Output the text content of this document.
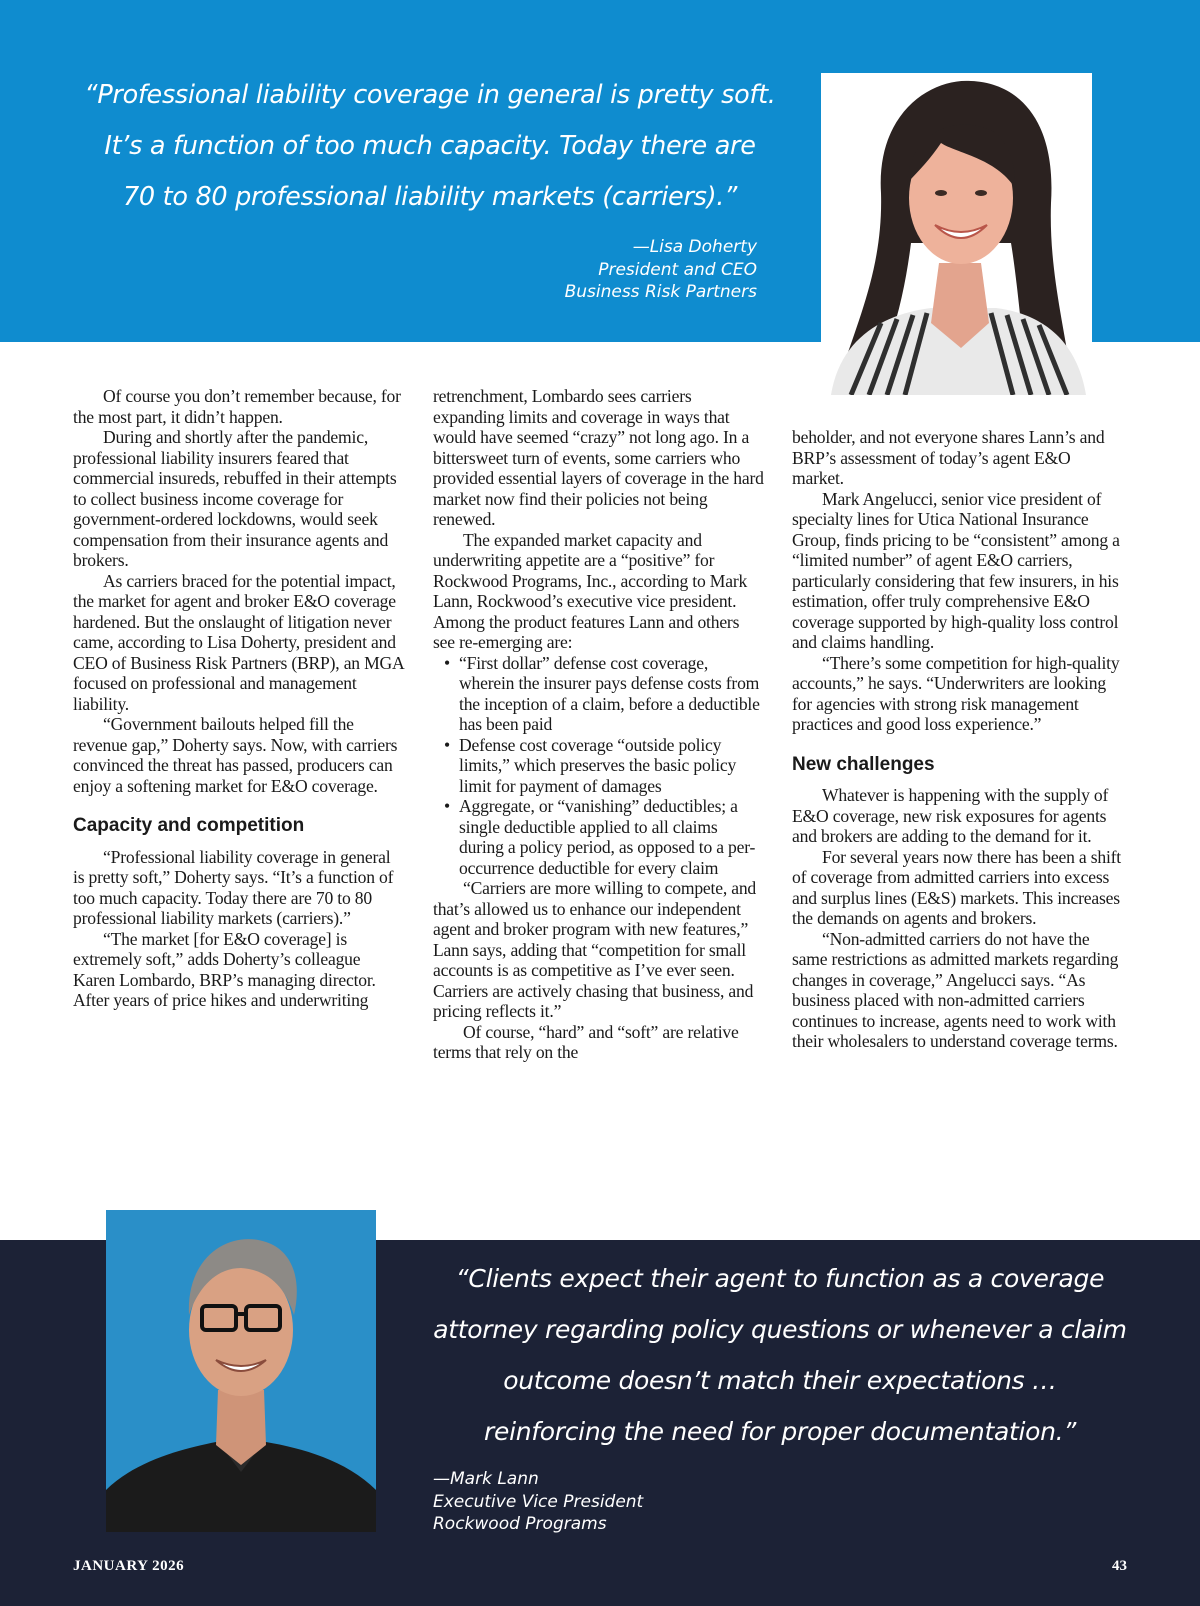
“Professional liability coverage in general is pretty soft.
It’s a function of too much capacity. Today there are
70 to 80 professional liability markets (carriers).”
—Lisa Doherty
President and CEO
Business Risk Partners

Of course you don’t remember because, for the most part, it didn’t happen.

During and shortly after the pandemic, professional liability insurers feared that commercial insureds, rebuffed in their attempts to collect business income coverage for government-ordered lockdowns, would seek compensation from their insurance agents and brokers.

As carriers braced for the potential impact, the market for agent and broker E&O coverage hardened. But the onslaught of litigation never came, according to Lisa Doherty, president and CEO of Business Risk Partners (BRP), an MGA focused on professional and management liability.

“Government bailouts helped fill the revenue gap,” Doherty says. Now, with carriers convinced the threat has passed, producers can enjoy a softening market for E&O coverage.

Capacity and competition

“Professional liability coverage in general is pretty soft,” Doherty says. “It’s a function of too much capacity. Today there are 70 to 80 professional liability markets (carriers).”

“The market [for E&O coverage] is extremely soft,” adds Doherty’s colleague Karen Lombardo, BRP’s managing director. After years of price hikes and underwriting

retrenchment, Lombardo sees carriers expanding limits and coverage in ways that would have seemed “crazy” not long ago. In a bittersweet turn of events, some carriers who provided essential layers of coverage in the hard market now find their policies not being renewed.

The expanded market capacity and underwriting appetite are a “positive” for Rockwood Programs, Inc., according to Mark Lann, Rockwood’s executive vice president. Among the product features Lann and others see re-emerging are:

• “First dollar” defense cost coverage, wherein the insurer pays defense costs from the inception of a claim, before a deductible has been paid
• Defense cost coverage “outside policy limits,” which preserves the basic policy limit for payment of damages
• Aggregate, or “vanishing” deductibles; a single deductible applied to all claims during a policy period, as opposed to a per-occurrence deductible for every claim

“Carriers are more willing to compete, and that’s allowed us to enhance our independent agent and broker program with new features,” Lann says, adding that “competition for small accounts is as competitive as I’ve ever seen. Carriers are actively chasing that business, and pricing reflects it.”

Of course, “hard” and “soft” are relative terms that rely on the

beholder, and not everyone shares Lann’s and BRP’s assessment of today’s agent E&O market.

Mark Angelucci, senior vice president of specialty lines for Utica National Insurance Group, finds pricing to be “consistent” among a “limited number” of agent E&O carriers, particularly considering that few insurers, in his estimation, offer truly comprehensive E&O coverage supported by high-quality loss control and claims handling.

“There’s some competition for high-quality accounts,” he says. “Underwriters are looking for agencies with strong risk management practices and good loss experience.”

New challenges

Whatever is happening with the supply of E&O coverage, new risk exposures for agents and brokers are adding to the demand for it.

For several years now there has been a shift of coverage from admitted carriers into excess and surplus lines (E&S) markets. This increases the demands on agents and brokers.

“Non-admitted carriers do not have the same restrictions as admitted markets regarding changes in coverage,” Angelucci says. “As business placed with non-admitted carriers continues to increase, agents need to work with their wholesalers to understand coverage terms.

“Clients expect their agent to function as a coverage
attorney regarding policy questions or whenever a claim
outcome doesn’t match their expectations …
reinforcing the need for proper documentation.”
—Mark Lann
Executive Vice President
Rockwood Programs
JANUARY 2026	43
